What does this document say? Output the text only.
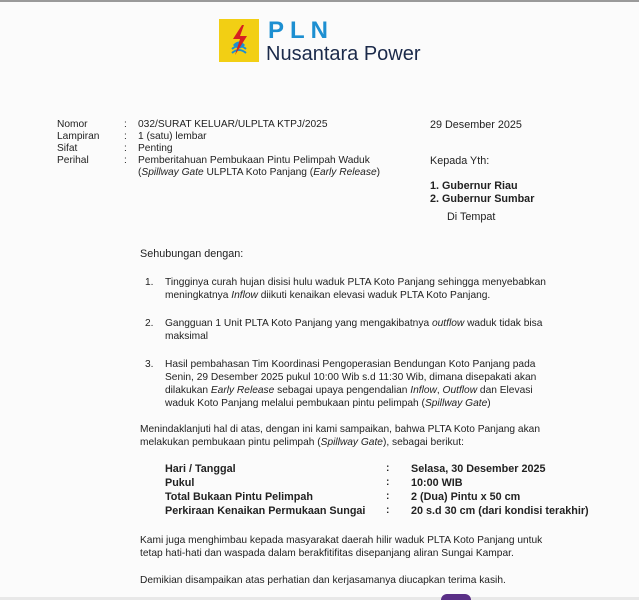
PLN
Nusantara Power
Nomor	: 032/SURAT KELUAR/ULPLTA KTPJ/2025	29 Desember 2025
Lampiran : 1 (satu) lembar
Sifat	: Penting
Perihal	: Pemberitahuan Pembukaan Pintu Pelimpah Waduk
(Spillway Gate ULPLTA Koto Panjang (Early Release)
Kepada Yth:
1. Gubernur Riau
2. Gubernur Sumbar
Di Tempat
Sehubungan dengan:
1. Tingginya curah hujan disisi hulu waduk PLTA Koto Panjang sehingga menyebabkan
meningkatnya Inflow diikuti kenaikan elevasi waduk PLTA Koto Panjang.
2. Gangguan 1 Unit PLTA Koto Panjang yang mengakibatnya outflow waduk tidak bisa
maksimal
3. Hasil pembahasan Tim Koordinasi Pengoperasian Bendungan Koto Panjang pada
Senin, 29 Desember 2025 pukul 10:00 Wib s.d 11:30 Wib, dimana disepakati akan
dilakukan Early Release sebagai upaya pengendalian Inflow, Outflow dan Elevasi
waduk Koto Panjang melalui pembukaan pintu pelimpah (Spillway Gate)
Menindaklanjuti hal di atas, dengan ini kami sampaikan, bahwa PLTA Koto Panjang akan
melakukan pembukaan pintu pelimpah (Spillway Gate), sebagai berikut:
Hari / Tanggal	: Selasa, 30 Desember 2025
Pukul	: 10:00 WIB
Total Bukaan Pintu Pelimpah	: 2 (Dua) Pintu x 50 cm
Perkiraan Kenaikan Permukaan Sungai : 20 s.d 30 cm (dari kondisi terakhir)
Kami juga menghimbau kepada masyarakat daerah hilir waduk PLTA Koto Panjang untuk
tetap hati-hati dan waspada dalam berakfitifitas disepanjang aliran Sungai Kampar.
Demikian disampaikan atas perhatian dan kerjasamanya diucapkan terima kasih.
